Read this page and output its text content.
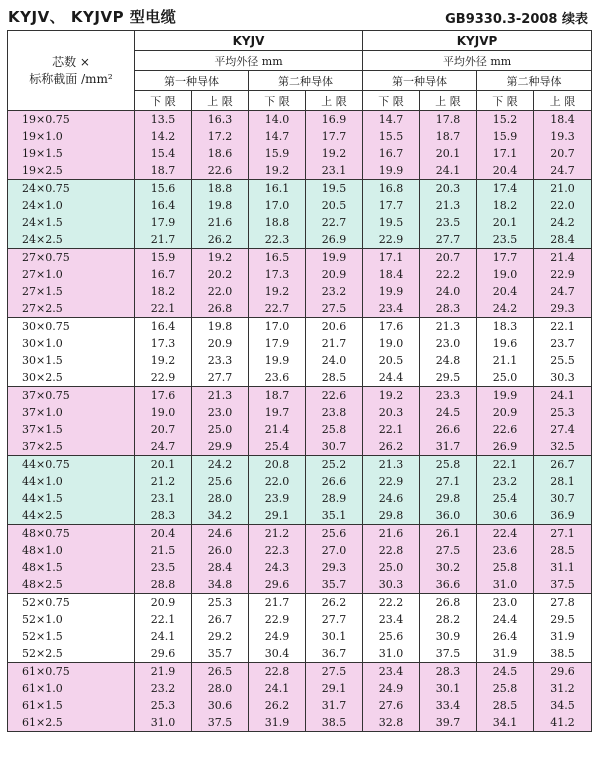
KYJV、 KYJVP 型电缆	GB9330.3-2008 续表
芯数 ×
标称截面 /mm²	KYJV				KYJVP			
	平均外径 mm				平均外径 mm			
	第一种导体		第二种导体		第一种导体		第二种导体	
	下 限	上 限	下 限	上 限	下 限	上 限	下 限	上 限
19×0.75	13.5	16.3	14.0	16.9	14.7	17.8	15.2	18.4
19×1.0	14.2	17.2	14.7	17.7	15.5	18.7	15.9	19.3
19×1.5	15.4	18.6	15.9	19.2	16.7	20.1	17.1	20.7
19×2.5	18.7	22.6	19.2	23.1	19.9	24.1	20.4	24.7
24×0.75	15.6	18.8	16.1	19.5	16.8	20.3	17.4	21.0
24×1.0	16.4	19.8	17.0	20.5	17.7	21.3	18.2	22.0
24×1.5	17.9	21.6	18.8	22.7	19.5	23.5	20.1	24.2
24×2.5	21.7	26.2	22.3	26.9	22.9	27.7	23.5	28.4
27×0.75	15.9	19.2	16.5	19.9	17.1	20.7	17.7	21.4
27×1.0	16.7	20.2	17.3	20.9	18.4	22.2	19.0	22.9
27×1.5	18.2	22.0	19.2	23.2	19.9	24.0	20.4	24.7
27×2.5	22.1	26.8	22.7	27.5	23.4	28.3	24.2	29.3
30×0.75	16.4	19.8	17.0	20.6	17.6	21.3	18.3	22.1
30×1.0	17.3	20.9	17.9	21.7	19.0	23.0	19.6	23.7
30×1.5	19.2	23.3	19.9	24.0	20.5	24.8	21.1	25.5
30×2.5	22.9	27.7	23.6	28.5	24.4	29.5	25.0	30.3
37×0.75	17.6	21.3	18.7	22.6	19.2	23.3	19.9	24.1
37×1.0	19.0	23.0	19.7	23.8	20.3	24.5	20.9	25.3
37×1.5	20.7	25.0	21.4	25.8	22.1	26.6	22.6	27.4
37×2.5	24.7	29.9	25.4	30.7	26.2	31.7	26.9	32.5
44×0.75	20.1	24.2	20.8	25.2	21.3	25.8	22.1	26.7
44×1.0	21.2	25.6	22.0	26.6	22.9	27.1	23.2	28.1
44×1.5	23.1	28.0	23.9	28.9	24.6	29.8	25.4	30.7
44×2.5	28.3	34.2	29.1	35.1	29.8	36.0	30.6	36.9
48×0.75	20.4	24.6	21.2	25.6	21.6	26.1	22.4	27.1
48×1.0	21.5	26.0	22.3	27.0	22.8	27.5	23.6	28.5
48×1.5	23.5	28.4	24.3	29.3	25.0	30.2	25.8	31.1
48×2.5	28.8	34.8	29.6	35.7	30.3	36.6	31.0	37.5
52×0.75	20.9	25.3	21.7	26.2	22.2	26.8	23.0	27.8
52×1.0	22.1	26.7	22.9	27.7	23.4	28.2	24.4	29.5
52×1.5	24.1	29.2	24.9	30.1	25.6	30.9	26.4	31.9
52×2.5	29.6	35.7	30.4	36.7	31.0	37.5	31.9	38.5
61×0.75	21.9	26.5	22.8	27.5	23.4	28.3	24.5	29.6
61×1.0	23.2	28.0	24.1	29.1	24.9	30.1	25.8	31.2
61×1.5	25.3	30.6	26.2	31.7	27.6	33.4	28.5	34.5
61×2.5	31.0	37.5	31.9	38.5	32.8	39.7	34.1	41.2
